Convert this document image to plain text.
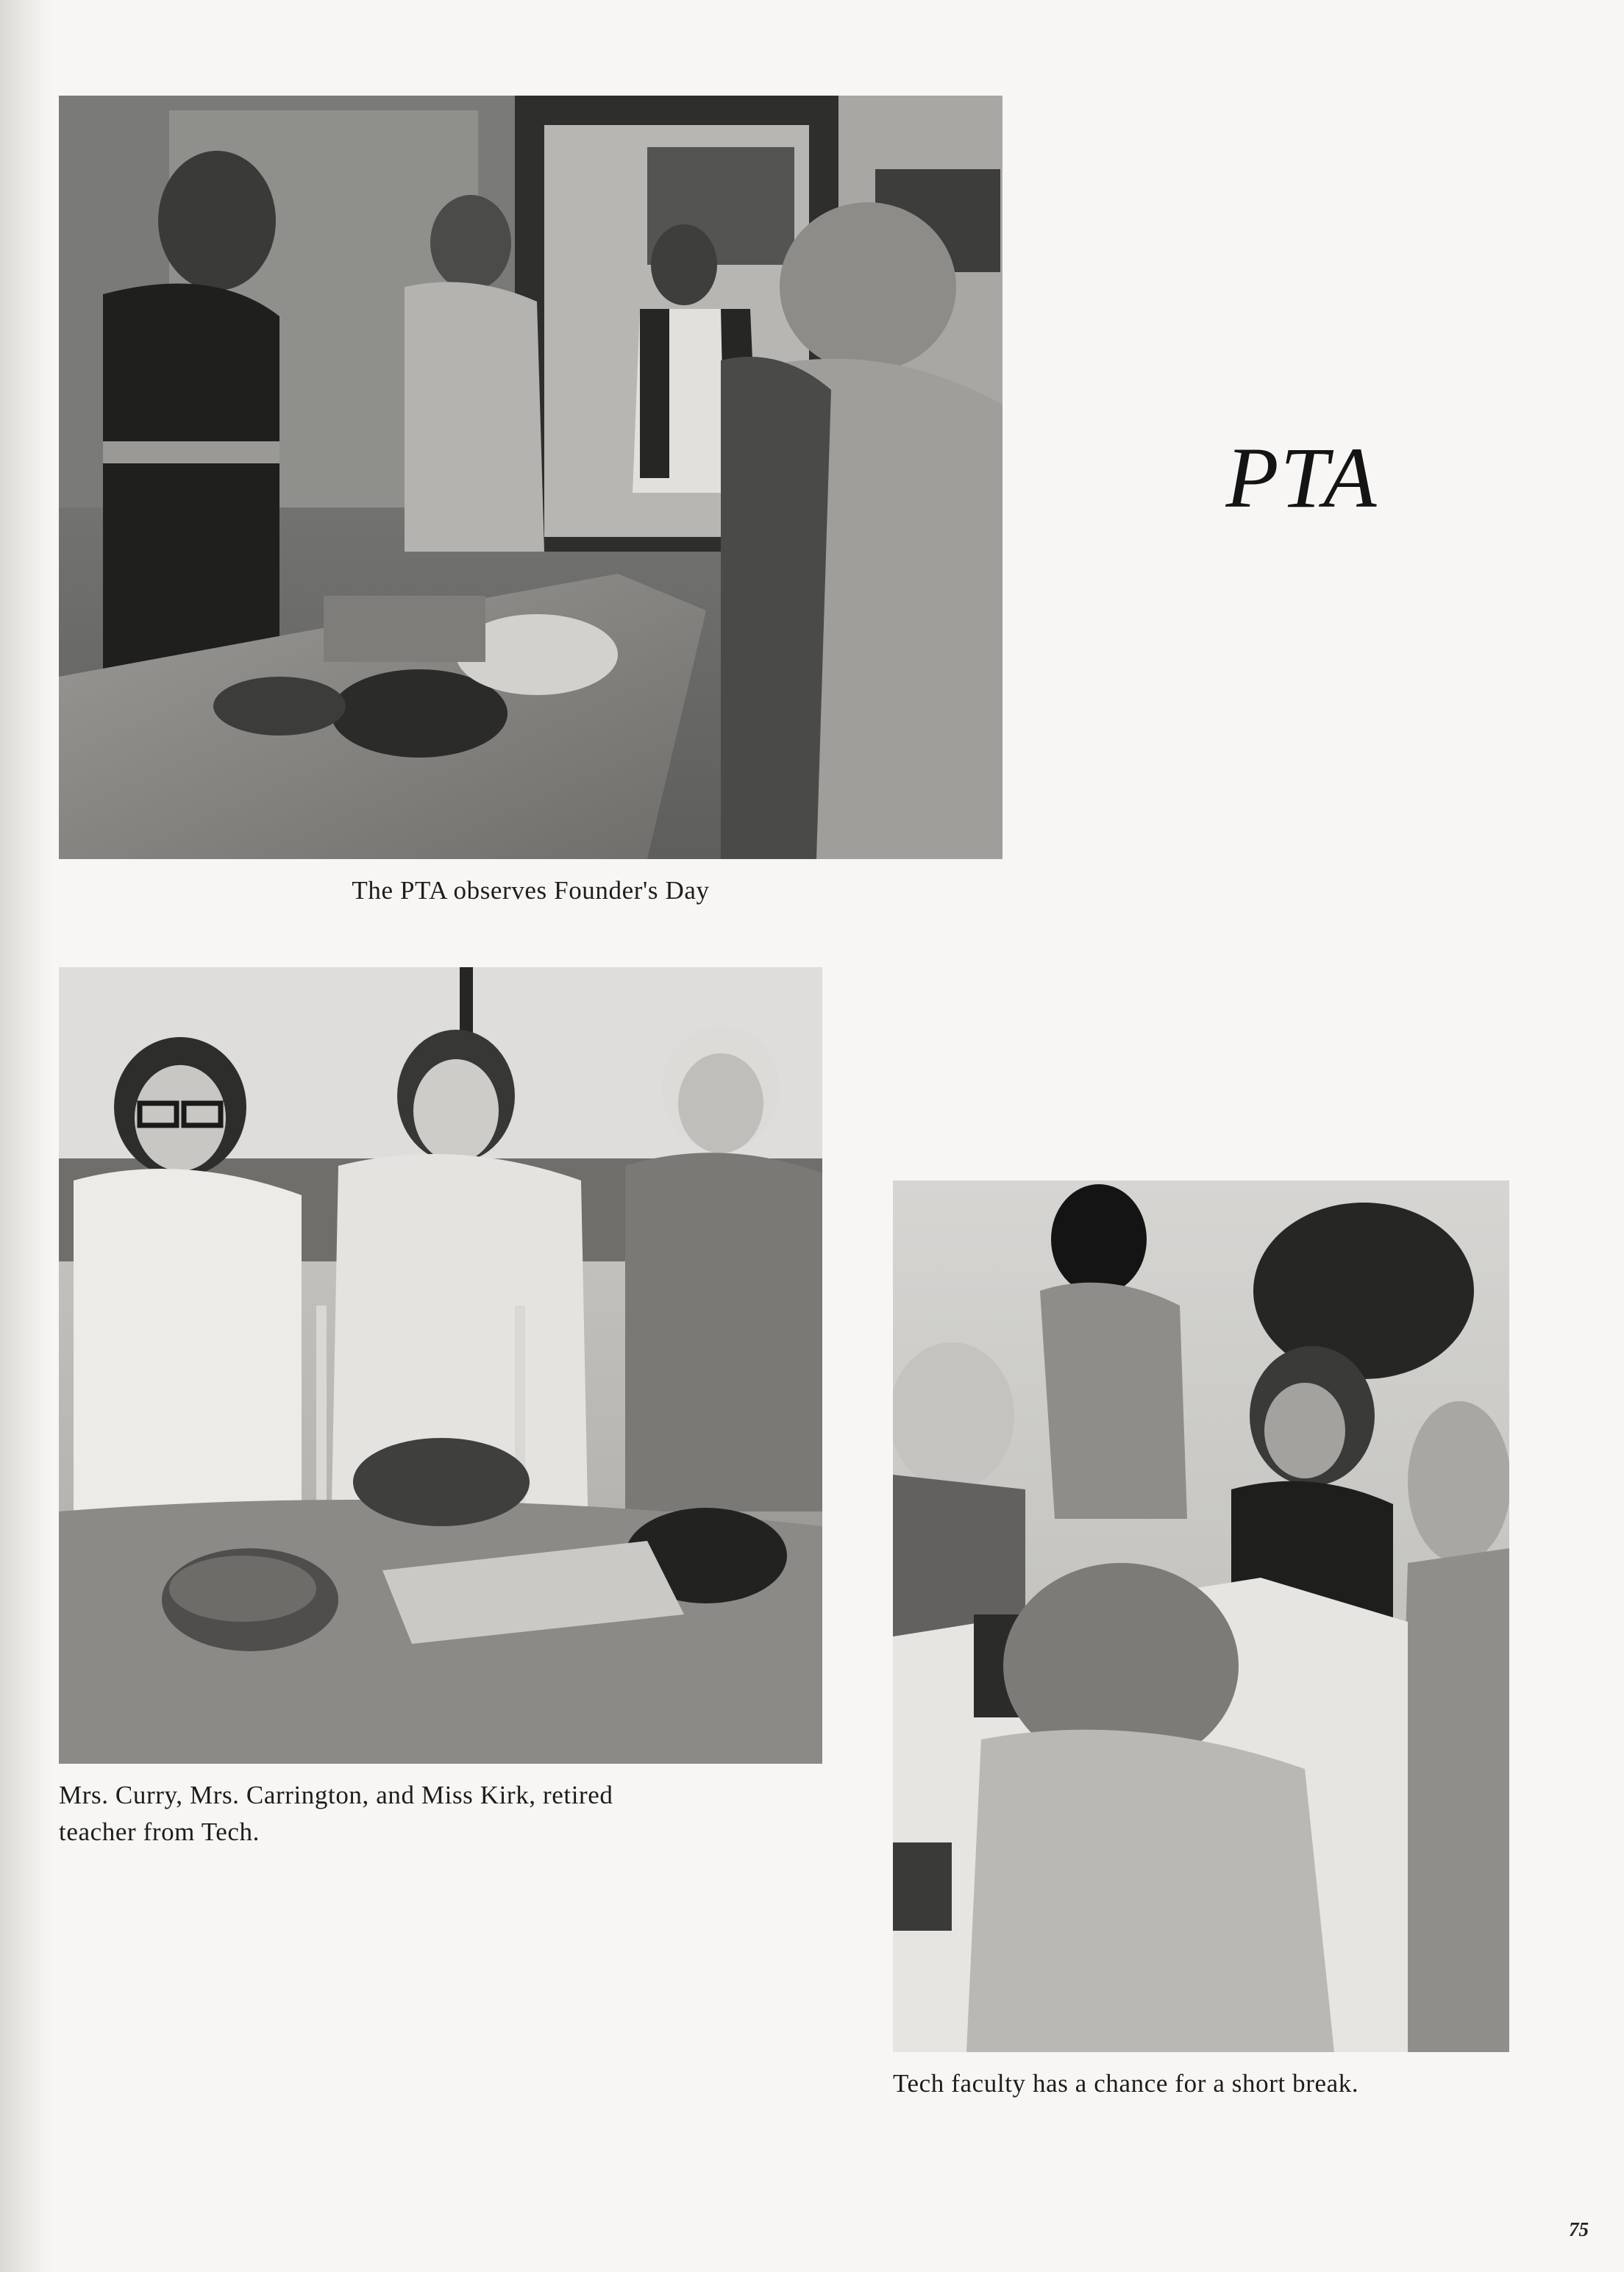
The PTA observes Founder's Day
PTA
Mrs. Curry, Mrs. Carrington, and Miss Kirk, retired
teacher from Tech.
Tech faculty has a chance for a short break.
75
